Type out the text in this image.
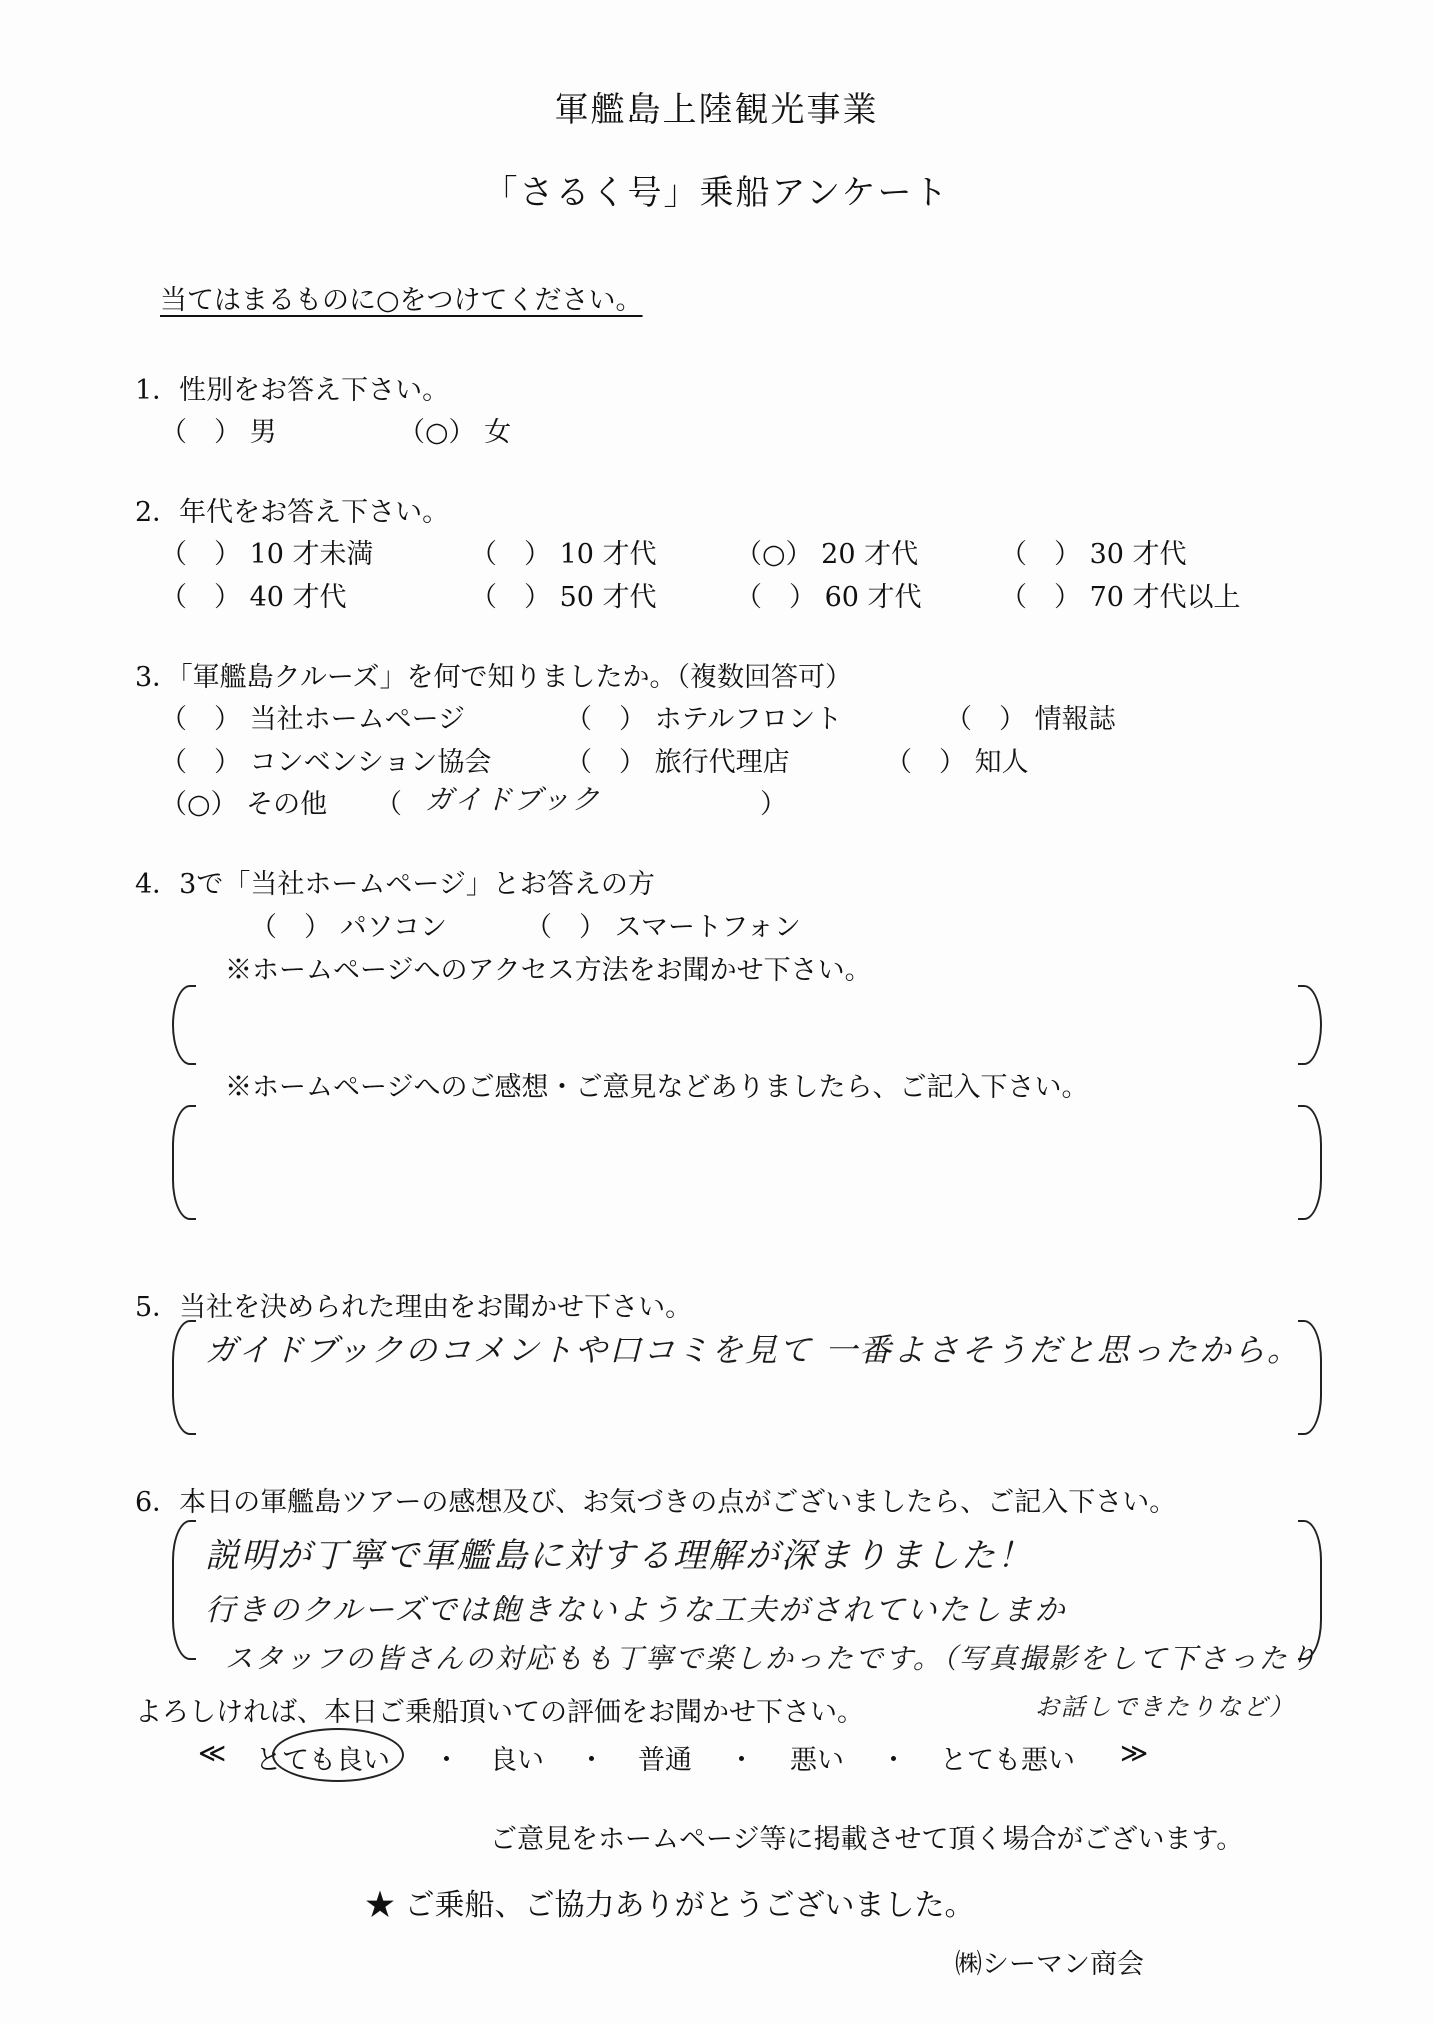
軍艦島上陸観光事業
「さるく号」乗船アンケート
当てはまるものに○をつけてください。
1．性別をお答え下さい。
（　） 男	（○） 女
2．年代をお答え下さい。
（　） 10 才未満	（　） 10 才代	（○） 20 才代	（　） 30 才代
（　） 40 才代	（　） 50 才代	（　） 60 才代	（　） 70 才代以上
3．「軍艦島クルーズ」を何で知りましたか。（複数回答可）
（　） 当社ホームページ	（　） ホテルフロント	（　） 情報誌
（　） コンベンション協会	（　） 旅行代理店	（　） 知人
（○） その他 （ ガイドブック	）
4．3で「当社ホームページ」とお答えの方
（　） パソコン	（　） スマートフォン
※ホームページへのアクセス方法をお聞かせ下さい。
※ホームページへのご感想・ご意見などありましたら、ご記入下さい。
5．当社を決められた理由をお聞かせ下さい。
ガイドブックのコメントや口コミを見て 一番よさそうだと思ったから。
6．本日の軍艦島ツアーの感想及び、お気づきの点がございましたら、ご記入下さい。
説明が丁寧で軍艦島に対する理解が深まりました！
行きのクルーズでは飽きないような工夫がされていたしまか
スタッフの皆さんの対応もも丁寧で楽しかったです。（写真撮影をして下さったり
お話しできたりなど）
よろしければ、本日ご乗船頂いての評価をお聞かせ下さい。
≪ とても良い ・ 良い ・ 普通 ・ 悪い ・ とても悪い ≫
ご意見をホームページ等に掲載させて頂く場合がございます。
★ ご乗船、ご協力ありがとうございました。
㈱シーマン商会
